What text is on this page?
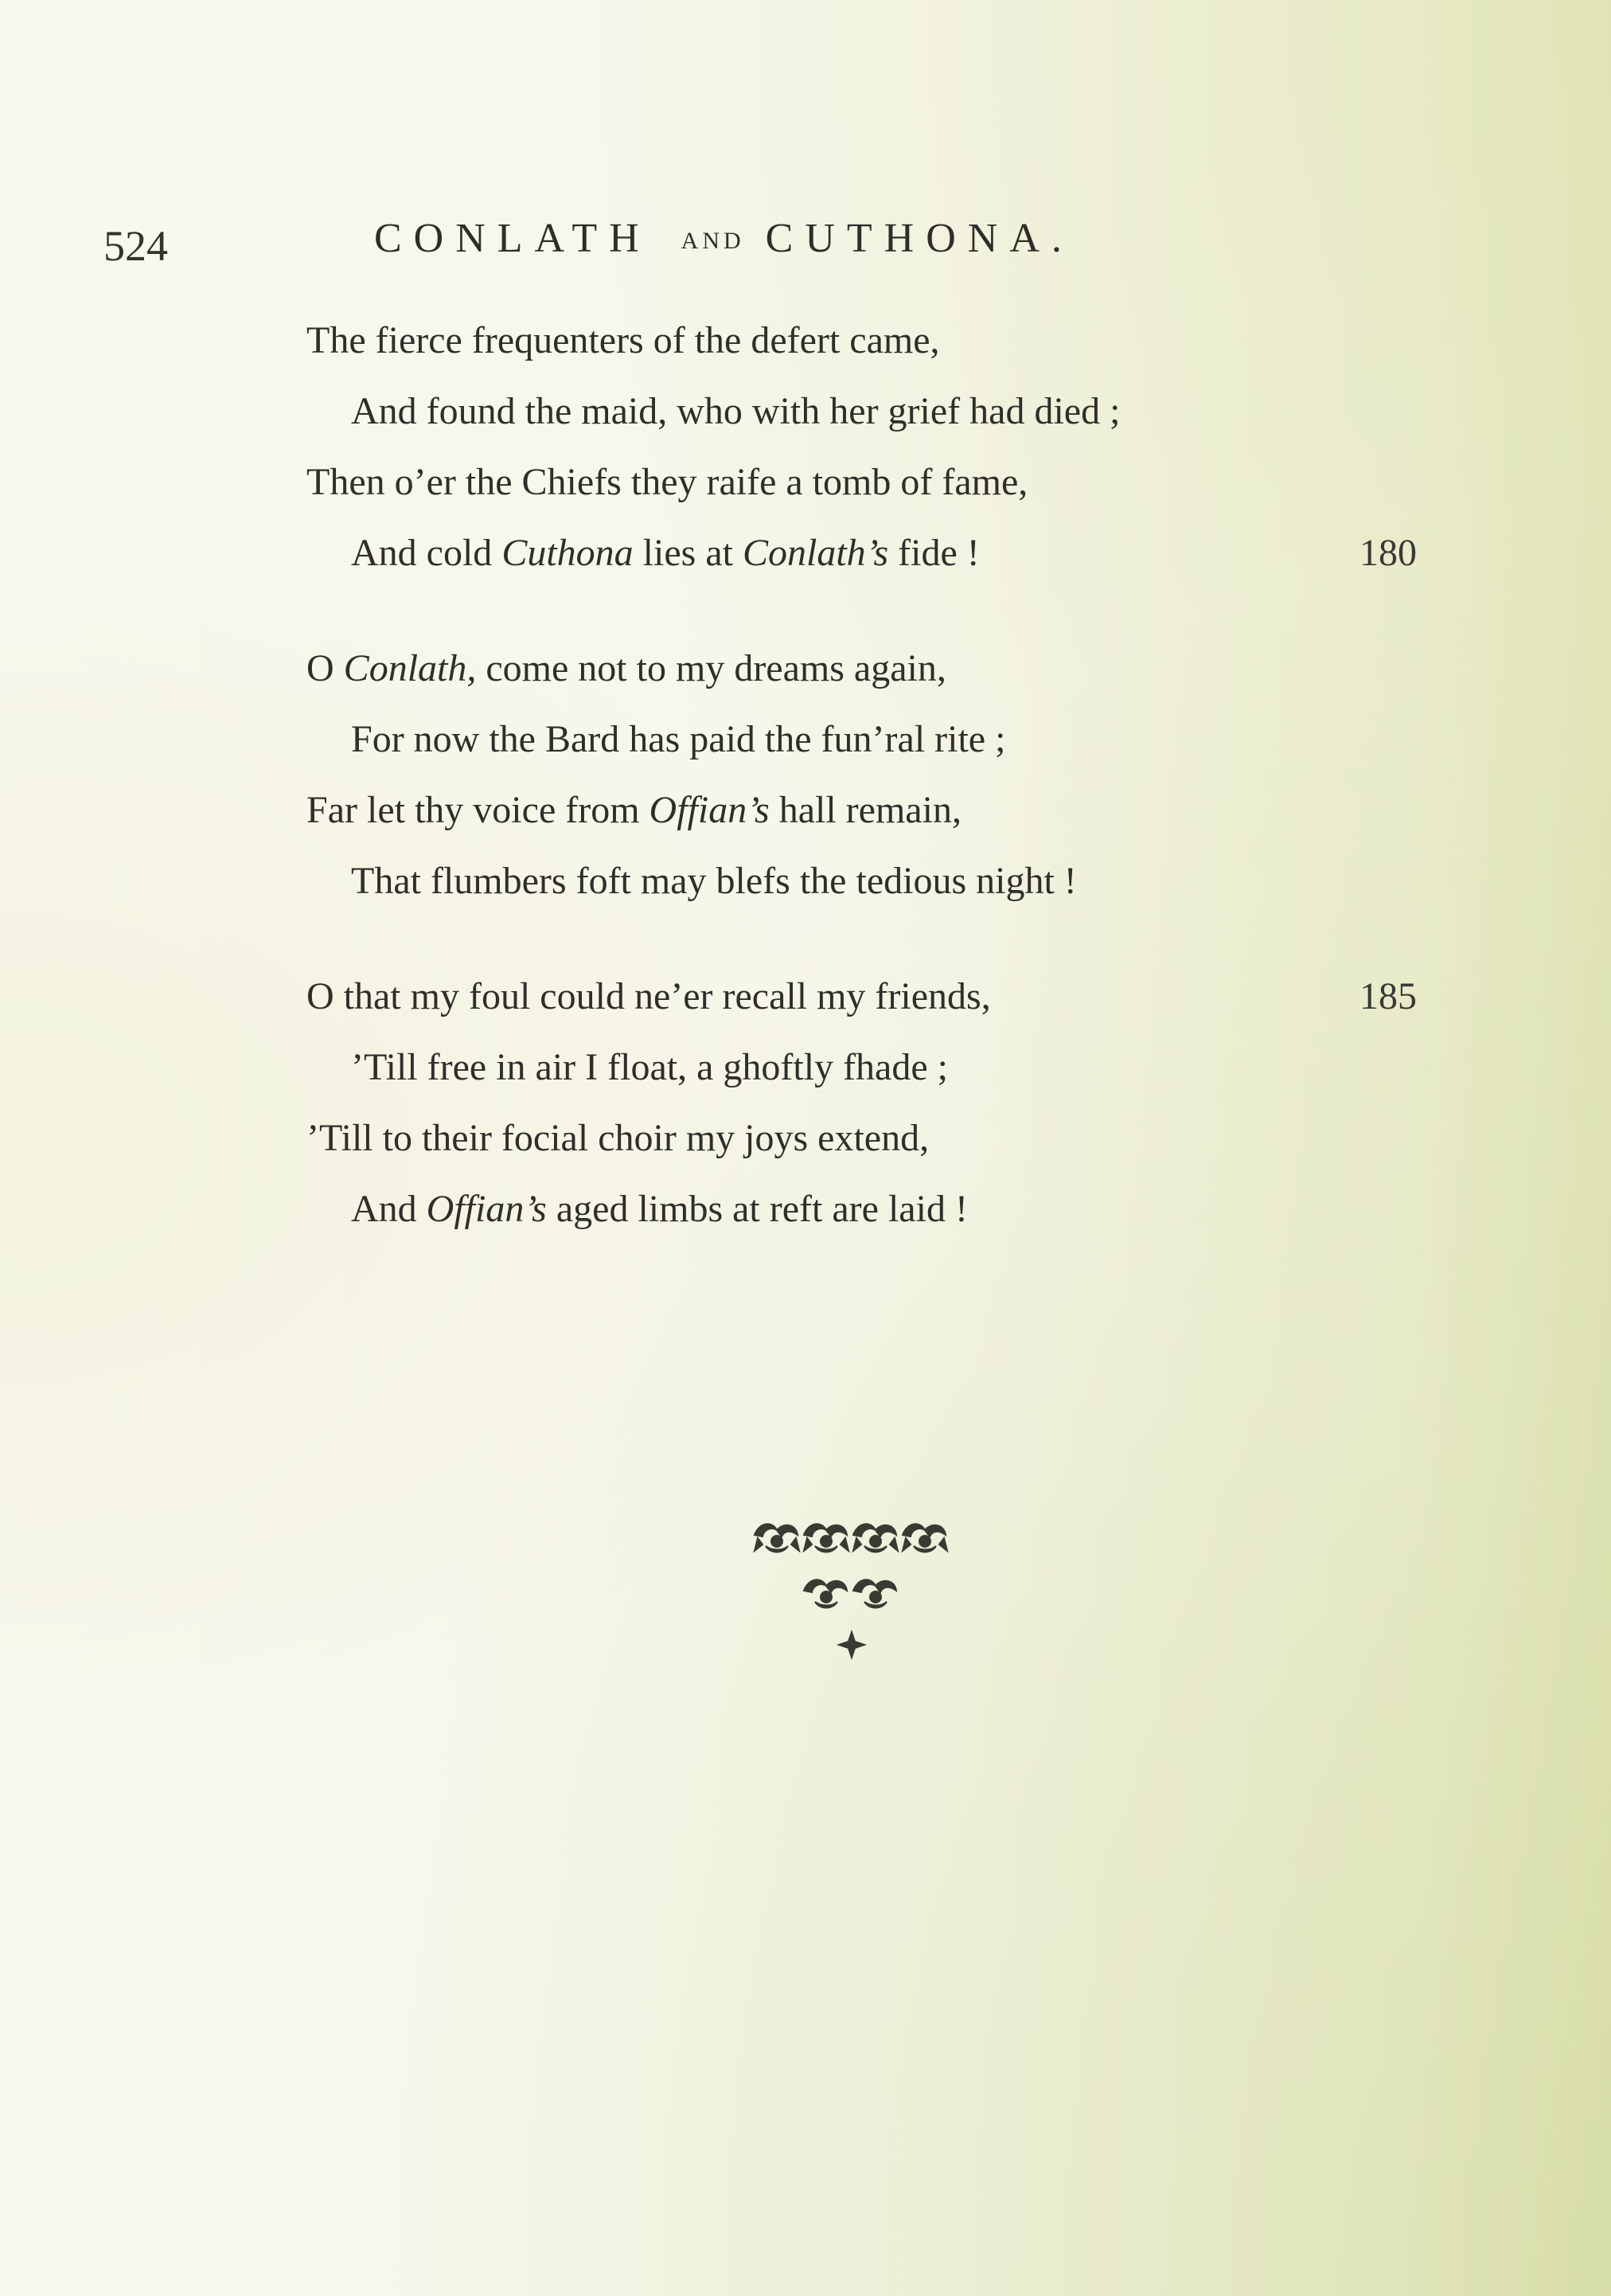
524	CONLATH AND CUTHONA.
The fierce frequenters of the defert came,
And found the maid, who with her grief had died ;
Then o’er the Chiefs they raife a tomb of fame,
And cold Cuthona lies at Conlath’s fide !	180
O Conlath, come not to my dreams again,
For now the Bard has paid the fun’ral rite ;
Far let thy voice from Offian’s hall remain,
That flumbers foft may blefs the tedious night !
O that my foul could ne’er recall my friends,	185
’Till free in air I float, a ghoftly fhade ;
’Till to their focial choir my joys extend,
And Offian’s aged limbs at reft are laid !
